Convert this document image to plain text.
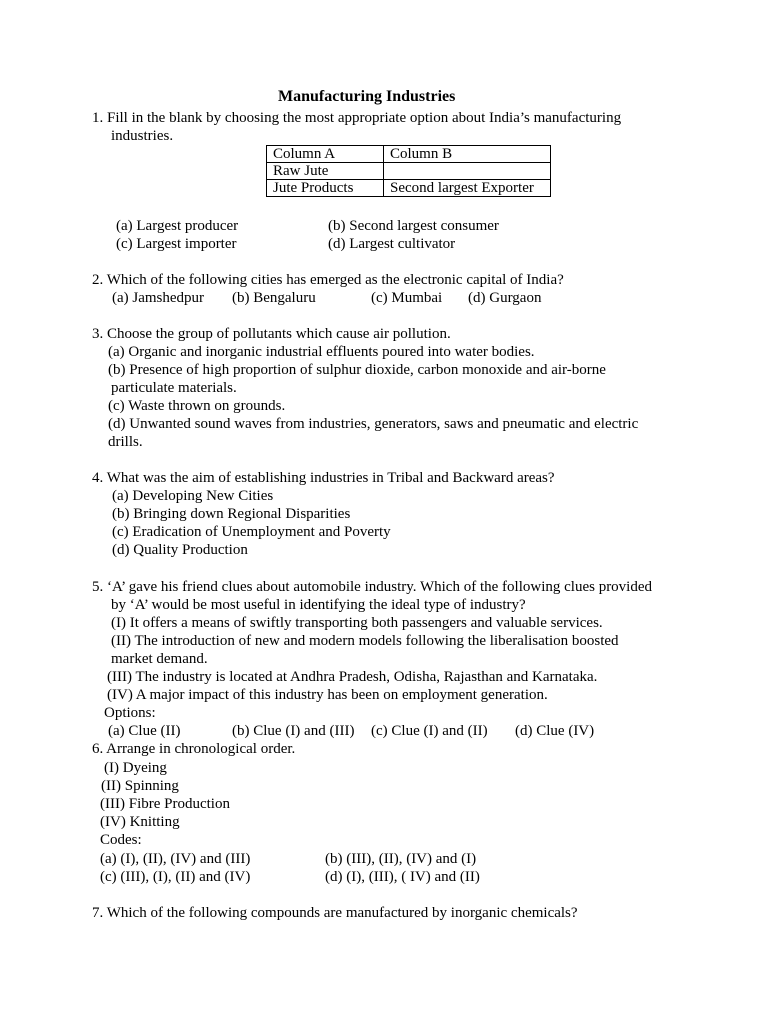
Manufacturing Industries
1. Fill in the blank by choosing the most appropriate option about India’s manufacturing
industries.
Column A	Column B
Raw Jute	
Jute Products	Second largest Exporter
(a) Largest producer	(b) Second largest consumer
(c) Largest importer	(d) Largest cultivator
2. Which of the following cities has emerged as the electronic capital of India?
(a) Jamshedpur (b) Bengaluru	(c) Mumbai (d) Gurgaon
3. Choose the group of pollutants which cause air pollution.
(a) Organic and inorganic industrial effluents poured into water bodies.
(b) Presence of high proportion of sulphur dioxide, carbon monoxide and air-borne
particulate materials.
(c) Waste thrown on grounds.
(d) Unwanted sound waves from industries, generators, saws and pneumatic and electric
drills.
4. What was the aim of establishing industries in Tribal and Backward areas?
(a) Developing New Cities
(b) Bringing down Regional Disparities
(c) Eradication of Unemployment and Poverty
(d) Quality Production
5. ‘A’ gave his friend clues about automobile industry. Which of the following clues provided
by ‘A’ would be most useful in identifying the ideal type of industry?
(I) It offers a means of swiftly transporting both passengers and valuable services.
(II) The introduction of new and modern models following the liberalisation boosted
market demand.
(III) The industry is located at Andhra Pradesh, Odisha, Rajasthan and Karnataka.
(IV) A major impact of this industry has been on employment generation.
Options:
(a) Clue (II)	(b) Clue (I) and (III) (c) Clue (I) and (II) (d) Clue (IV)
6. Arrange in chronological order.
(I) Dyeing
(II) Spinning
(III) Fibre Production
(IV) Knitting
Codes:
(a) (I), (II), (IV) and (III)	(b) (III), (II), (IV) and (I)
(c) (III), (I), (II) and (IV)	(d) (I), (III), ( IV) and (II)
7. Which of the following compounds are manufactured by inorganic chemicals?
